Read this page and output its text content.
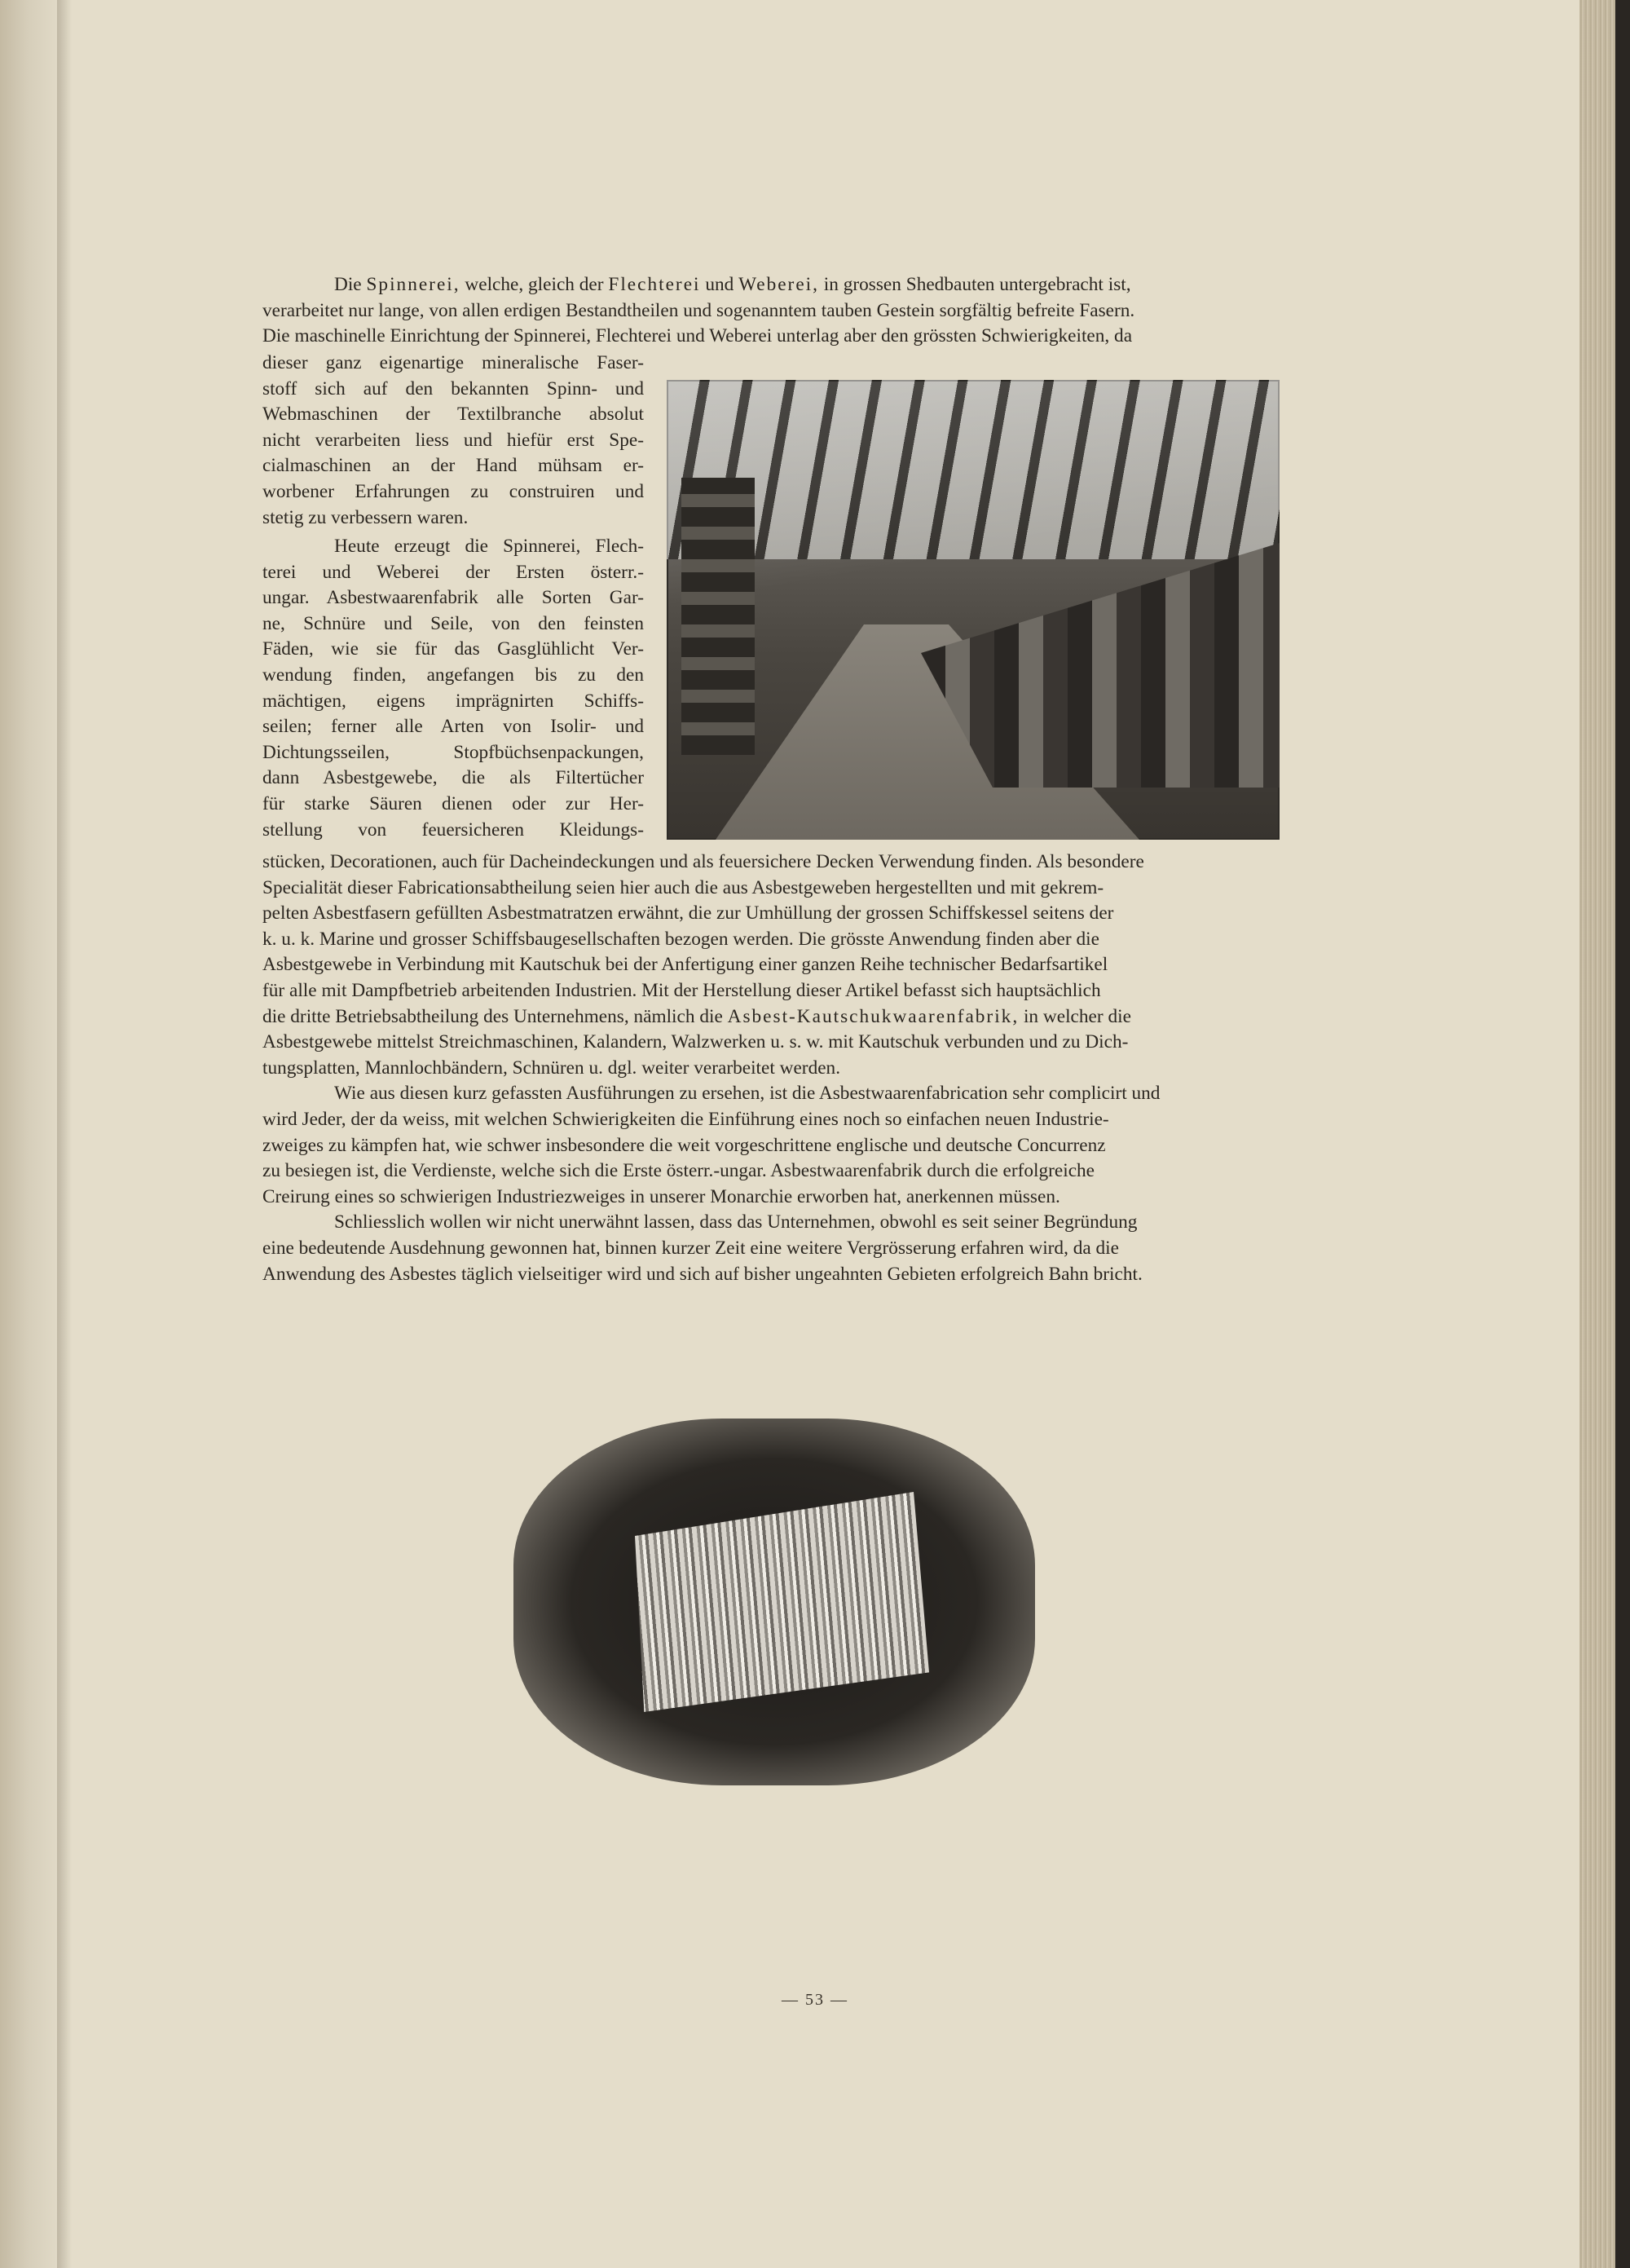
Die Spinnerei, welche, gleich der Flechterei und Weberei, in grossen Shedbauten untergebracht ist,

verarbeitet nur lange, von allen erdigen Bestandtheilen und sogenanntem tauben Gestein sorgfältig befreite Fasern.

Die maschinelle Einrichtung der Spinnerei, Flechterei und Weberei unterlag aber den grössten Schwierigkeiten, da

dieser ganz eigenartige mineralische Faser-

stoff sich auf den bekannten Spinn- und

Webmaschinen der Textilbranche absolut

nicht verarbeiten liess und hiefür erst Spe-

cialmaschinen an der Hand mühsam er-

worbener Erfahrungen zu construiren und

stetig zu verbessern waren.

Heute erzeugt die Spinnerei, Flech-

terei und Weberei der Ersten österr.-

ungar. Asbestwaarenfabrik alle Sorten Gar-

ne, Schnüre und Seile, von den feinsten

Fäden, wie sie für das Gasglühlicht Ver-

wendung finden, angefangen bis zu den

mächtigen, eigens imprägnirten Schiffs-

seilen; ferner alle Arten von Isolir- und

Dichtungsseilen, Stopfbüchsenpackungen,

dann Asbestgewebe, die als Filtertücher

für starke Säuren dienen oder zur Her-

stellung von feuersicheren Kleidungs-

stücken, Decorationen, auch für Dacheindeckungen und als feuersichere Decken Verwendung finden. Als besondere

Specialität dieser Fabricationsabtheilung seien hier auch die aus Asbestgeweben hergestellten und mit gekrem-

pelten Asbestfasern gefüllten Asbestmatratzen erwähnt, die zur Umhüllung der grossen Schiffskessel seitens der

k. u. k. Marine und grosser Schiffsbaugesellschaften bezogen werden. Die grösste Anwendung finden aber die

Asbestgewebe in Verbindung mit Kautschuk bei der Anfertigung einer ganzen Reihe technischer Bedarfsartikel

für alle mit Dampfbetrieb arbeitenden Industrien. Mit der Herstellung dieser Artikel befasst sich hauptsächlich

die dritte Betriebsabtheilung des Unternehmens, nämlich die Asbest-Kautschukwaarenfabrik, in welcher die

Asbestgewebe mittelst Streichmaschinen, Kalandern, Walzwerken u. s. w. mit Kautschuk verbunden und zu Dich-

tungsplatten, Mannlochbändern, Schnüren u. dgl. weiter verarbeitet werden.

Wie aus diesen kurz gefassten Ausführungen zu ersehen, ist die Asbestwaarenfabrication sehr complicirt und

wird Jeder, der da weiss, mit welchen Schwierigkeiten die Einführung eines noch so einfachen neuen Industrie-

zweiges zu kämpfen hat, wie schwer insbesondere die weit vorgeschrittene englische und deutsche Concurrenz

zu besiegen ist, die Verdienste, welche sich die Erste österr.-ungar. Asbestwaarenfabrik durch die erfolgreiche

Creirung eines so schwierigen Industriezweiges in unserer Monarchie erworben hat, anerkennen müssen.

Schliesslich wollen wir nicht unerwähnt lassen, dass das Unternehmen, obwohl es seit seiner Begründung

eine bedeutende Ausdehnung gewonnen hat, binnen kurzer Zeit eine weitere Vergrösserung erfahren wird, da die

Anwendung des Asbestes täglich vielseitiger wird und sich auf bisher ungeahnten Gebieten erfolgreich Bahn bricht.

— 53 —
